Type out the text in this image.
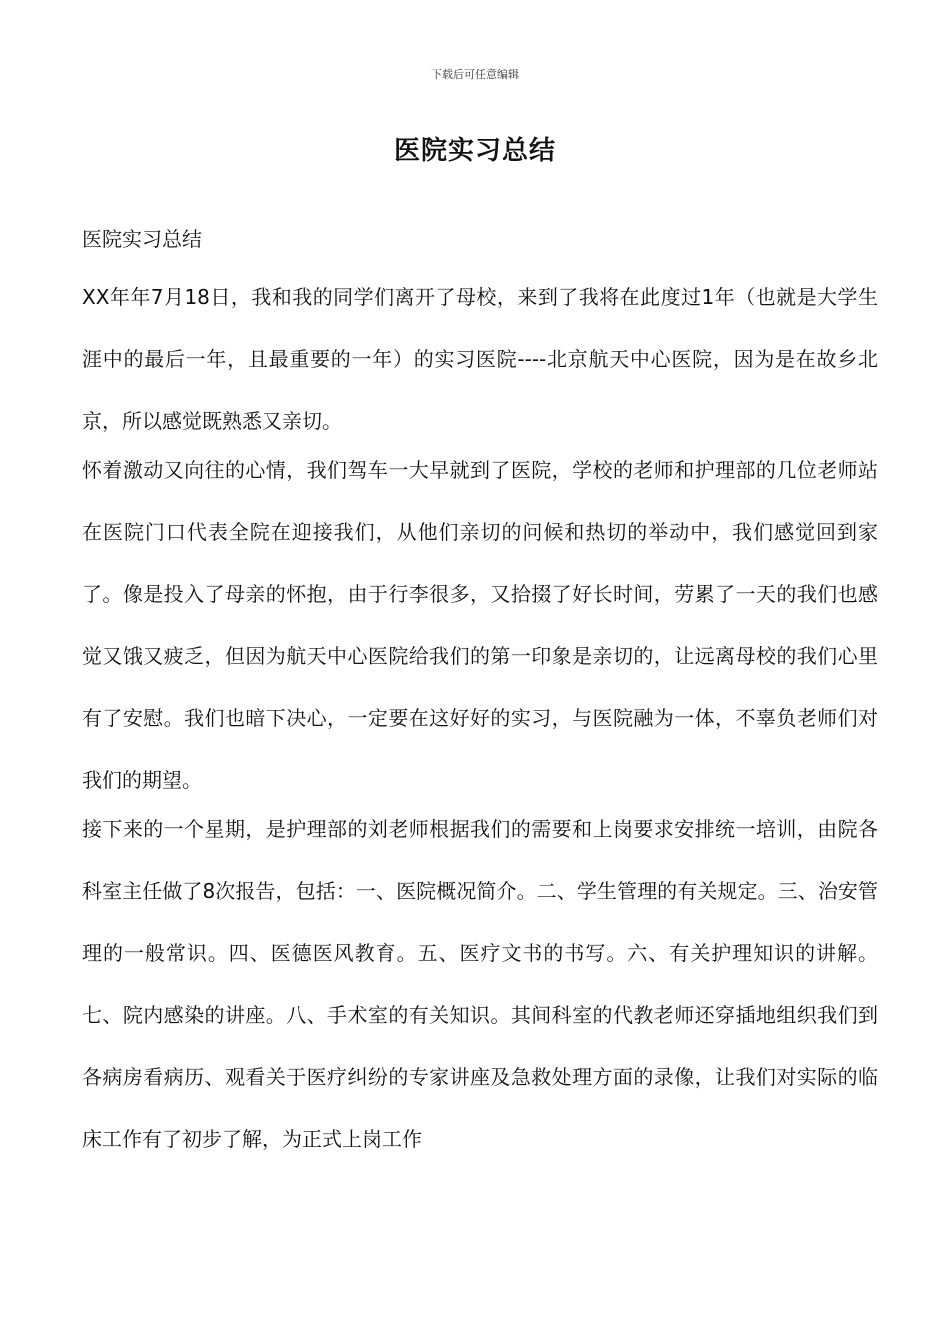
下载后可任意编辑
医院实习总结

医院实习总结

XX年年7月18日，我和我的同学们离开了母校，来到了我将在此度过1年（也就是大学生涯中的最后一年，且最重要的一年）的实习医院----北京航天中心医院，因为是在故乡北京，所以感觉既熟悉又亲切。

怀着激动又向往的心情，我们驾车一大早就到了医院，学校的老师和护理部的几位老师站在医院门口代表全院在迎接我们，从他们亲切的问候和热切的举动中，我们感觉回到家了。像是投入了母亲的怀抱，由于行李很多，又拾掇了好长时间，劳累了一天的我们也感觉又饿又疲乏，但因为航天中心医院给我们的第一印象是亲切的，让远离母校的我们心里有了安慰。我们也暗下决心，一定要在这好好的实习，与医院融为一体，不辜负老师们对我们的期望。

接下来的一个星期，是护理部的刘老师根据我们的需要和上岗要求安排统一培训，由院各科室主任做了8次报告，包括：一、医院概况简介。二、学生管理的有关规定。三、治安管理的一般常识。四、医德医风教育。五、医疗文书的书写。六、有关护理知识的讲解。七、院内感染的讲座。八、手术室的有关知识。其间科室的代教老师还穿插地组织我们到各病房看病历、观看关于医疗纠纷的专家讲座及急救处理方面的录像，让我们对实际的临床工作有了初步了解，为正式上岗工作
